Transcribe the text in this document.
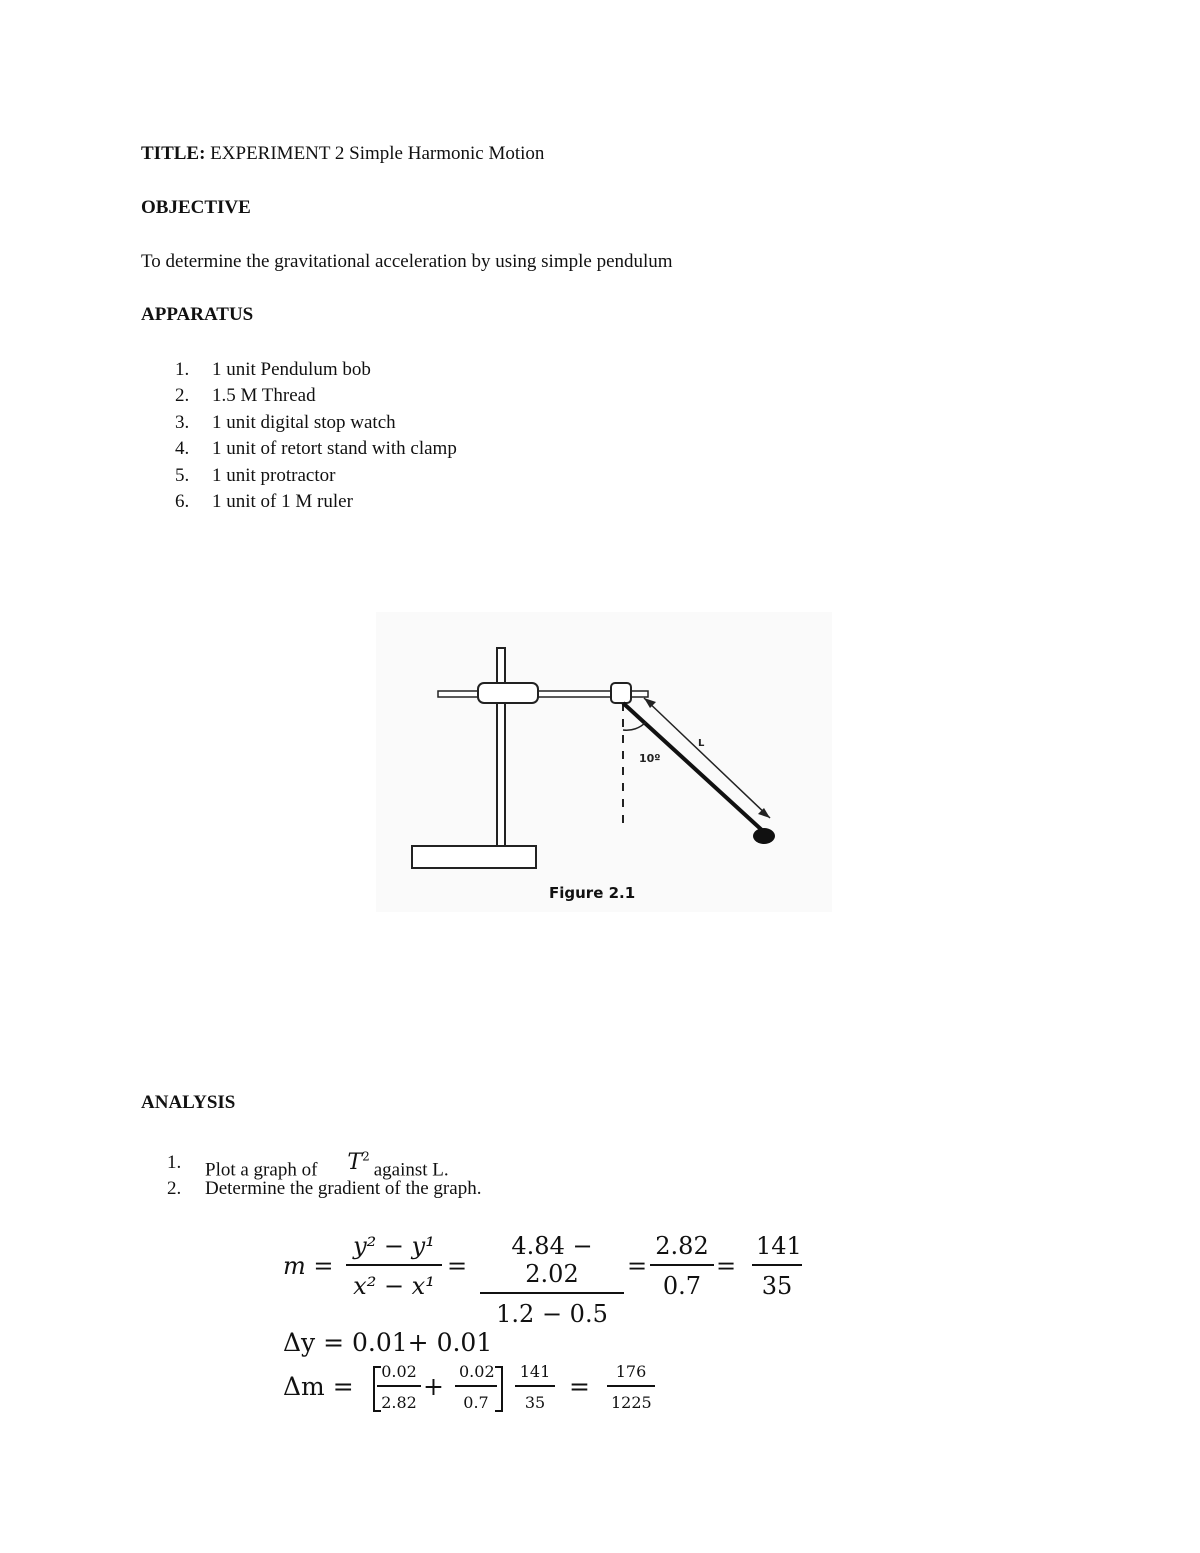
TITLE: EXPERIMENT 2 Simple Harmonic Motion
OBJECTIVE
To determine the gravitational acceleration by using simple pendulum
APPARATUS
1.	1 unit Pendulum bob
2.	1.5 M Thread
3.	1 unit digital stop watch
4.	1 unit of retort stand with clamp
5.	1 unit protractor
6.	1 unit of 1 M ruler
10º
L
Figure 2.1
ANALYSIS
1.	Plot a graph of $T^2against$ L.
2.	Determine the gradient of the graph.
$m = \frac{\text{y² − y¹}}{\text{x² − x¹}} = \frac{4.84 - 2.02}{1.2 - 0.5} = \frac{2.82}{0.7} = \frac{141}{35}$
Δy = 0.01+ 0.01
$\Delta m = \frac{0.02}{2.82} + \frac{0.02}{0.7} \frac{141}{35} = \frac{176}{1225}$
